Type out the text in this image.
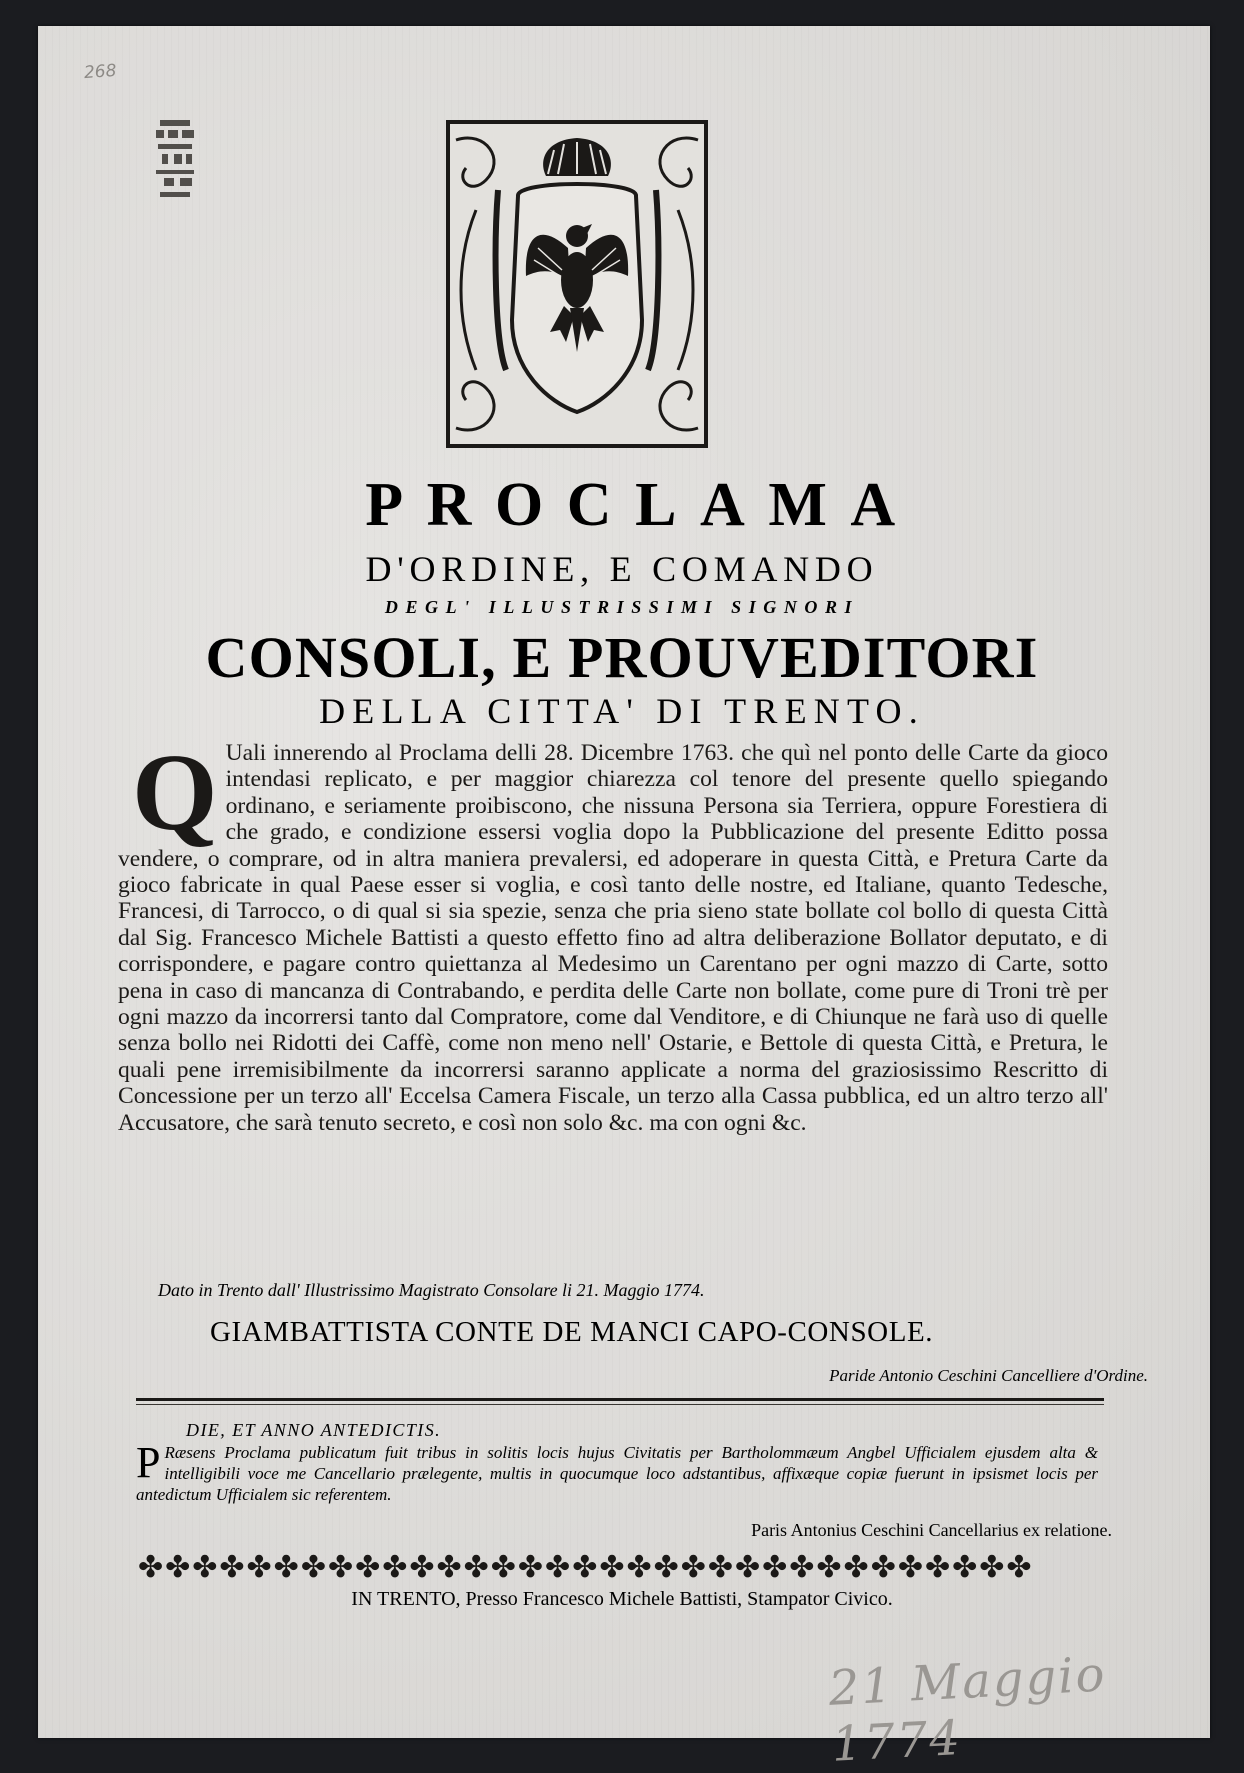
268
PROCLAMA
D'ORDINE, E COMANDO
DEGL' ILLUSTRISSIMI SIGNORI
CONSOLI, E PROUVEDITORI
DELLA CITTA' DI TRENTO.
Q Uali innerendo al Proclama delli 28. Dicembre 1763. che quì nel ponto delle Carte da gioco intendasi replicato, e per maggior chiarezza col tenore del presente quello spiegando ordinano, e seriamente proibiscono, che nissuna Persona sia Terriera, oppure Forestiera di che grado, e condizione essersi voglia dopo la Pubblicazione del presente Editto possa vendere, o comprare, od in altra maniera prevalersi, ed adoperare in questa Città, e Pretura Carte da gioco fabricate in qual Paese esser si voglia, e così tanto delle nostre, ed Italiane, quanto Tedesche, Francesi, di Tarrocco, o di qual si sia spezie, senza che pria sieno state bollate col bollo di questa Città dal Sig. Francesco Michele Battisti a questo effetto fino ad altra deliberazione Bollator deputato, e di corrispondere, e pagare contro quiettanza al Medesimo un Carentano per ogni mazzo di Carte, sotto pena in caso di mancanza di Contrabando, e perdita delle Carte non bollate, come pure di Troni trè per ogni mazzo da incorrersi tanto dal Compratore, come dal Venditore, e di Chiunque ne farà uso di quelle senza bollo nei Ridotti dei Caffè, come non meno nell' Ostarie, e Bettole di questa Città, e Pretura, le quali pene irremisibilmente da incorrersi saranno applicate a norma del graziosissimo Rescritto di Concessione per un terzo all' Eccelsa Camera Fiscale, un terzo alla Cassa pubblica, ed un altro terzo all' Accusatore, che sarà tenuto secreto, e così non solo &c. ma con ogni &c.
Dato in Trento dall' Illustrissimo Magistrato Consolare li 21. Maggio 1774.
GIAMBATTISTA CONTE DE MANCI CAPO-CONSOLE.
Paride Antonio Ceschini Cancelliere d'Ordine.
DIE, ET ANNO ANTEDICTIS.
P Ræsens Proclama publicatum fuit tribus in solitis locis hujus Civitatis per Bartholommæum Angbel Ufficialem ejusdem alta & intelligibili voce me Cancellario prælegente, multis in quocumque loco adstantibus, affixæque copiæ fuerunt in ipsismet locis per antedictum Ufficialem sic referentem.
Paris Antonius Ceschini Cancellarius ex relatione.
✤✤✤✤✤✤✤✤✤✤✤✤✤✤✤✤✤✤✤✤✤✤✤✤✤✤✤✤✤✤✤✤✤
IN TRENTO, Presso Francesco Michele Battisti, Stampator Civico.
21 Maggio 1774
